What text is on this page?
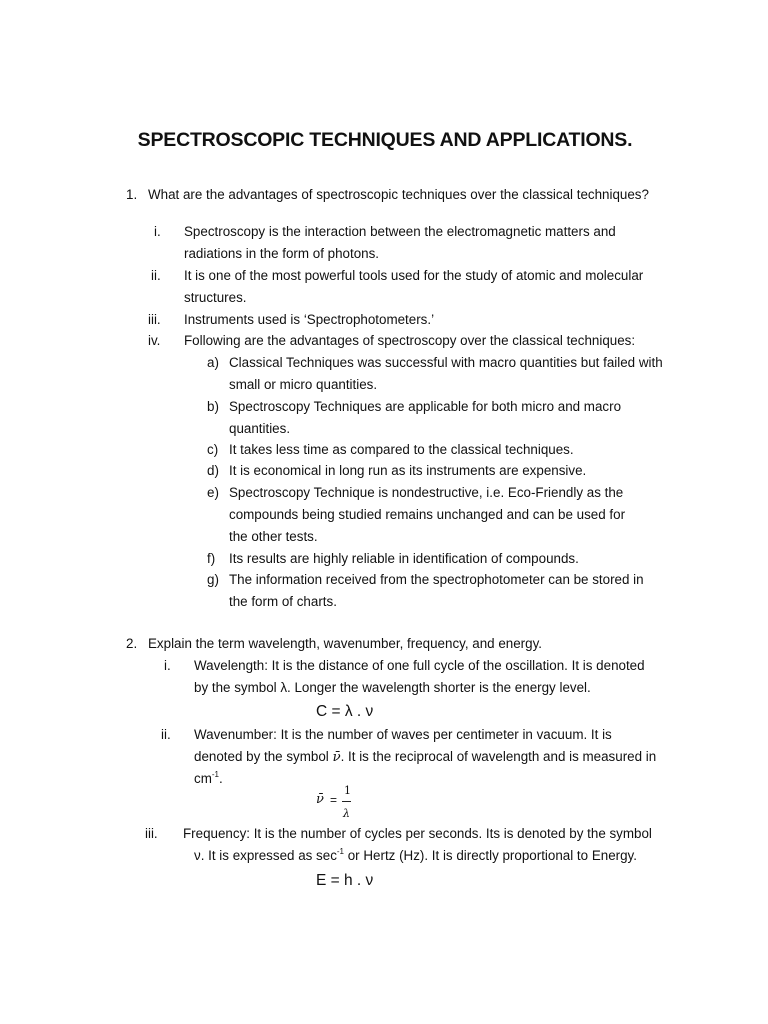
SPECTROSCOPIC TECHNIQUES AND APPLICATIONS.
1. What are the advantages of spectroscopic techniques over the classical techniques?
i. Spectroscopy is the interaction between the electromagnetic matters and
radiations in the form of photons.
ii. It is one of the most powerful tools used for the study of atomic and molecular
structures.
iii. Instruments used is ‘Spectrophotometers.’
iv. Following are the advantages of spectroscopy over the classical techniques:
a) Classical Techniques was successful with macro quantities but failed with
small or micro quantities.
b) Spectroscopy Techniques are applicable for both micro and macro
quantities.
c) It takes less time as compared to the classical techniques.
d) It is economical in long run as its instruments are expensive.
e) Spectroscopy Technique is nondestructive, i.e. Eco-Friendly as the
compounds being studied remains unchanged and can be used for
the other tests.
f) Its results are highly reliable in identification of compounds.
g) The information received from the spectrophotometer can be stored in
the form of charts.
2. Explain the term wavelength, wavenumber, frequency, and energy.
i. Wavelength: It is the distance of one full cycle of the oscillation. It is denoted
by the symbol λ. Longer the wavelength shorter is the energy level.
C = λ . ν
ii. Wavenumber: It is the number of waves per centimeter in vacuum. It is
denoted by the symbol ν̄. It is the reciprocal of wavelength and is measured in
$cm^{-1}$.
ν̄ =
1
λ
iii. Frequency: It is the number of cycles per seconds. Its is denoted by the symbol
ν. It is expressed as $\sec^{-1}$ or Hertz (Hz). It is directly proportional to Energy.
E = h . ν
